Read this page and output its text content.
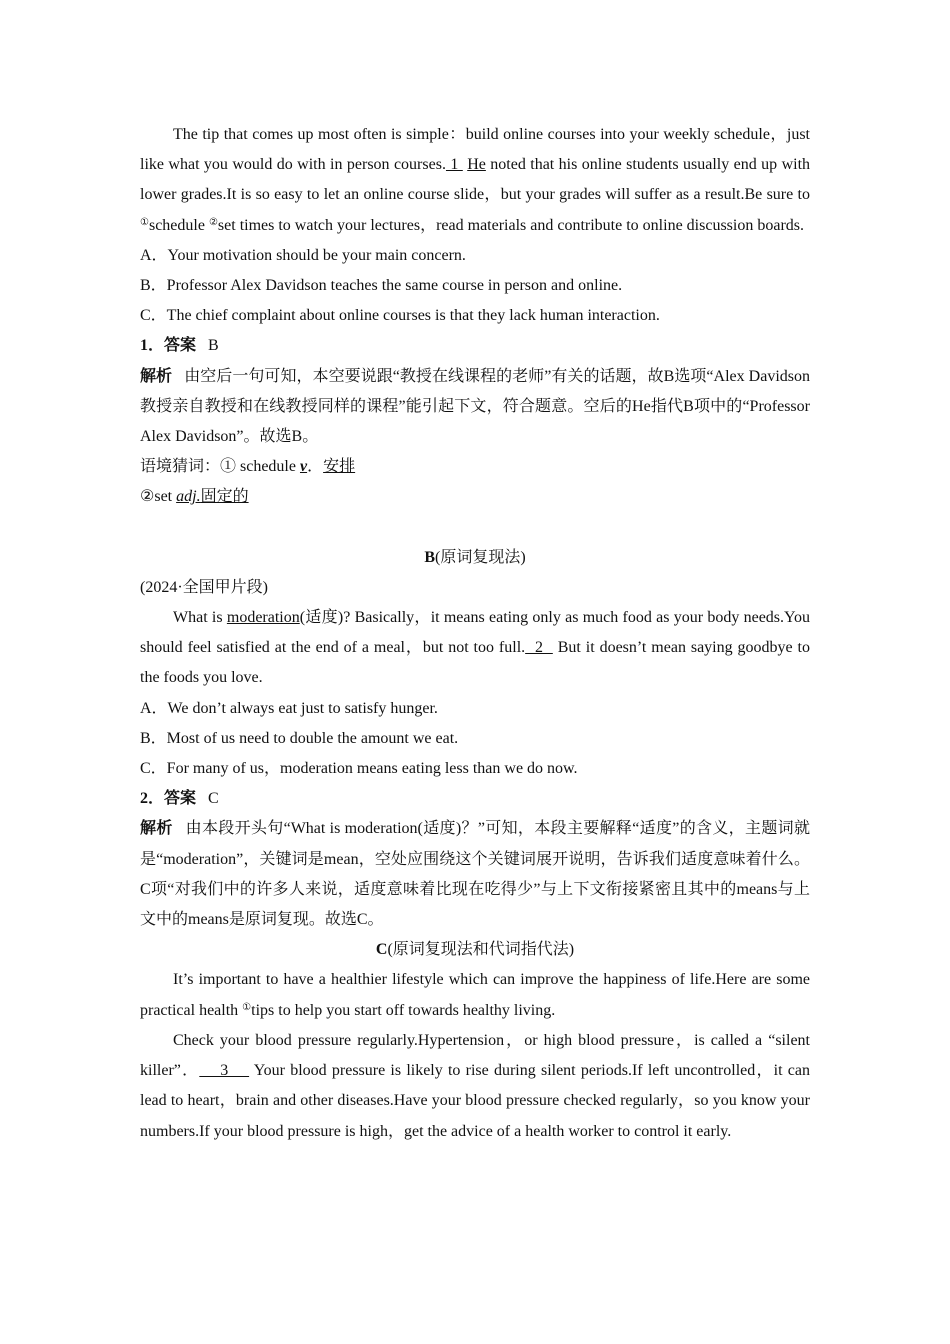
The tip that comes up most often is simple：build online courses into your weekly schedule，just like what you would do with in person courses. 1  He noted that his online students usually end up with lower grades.It is so easy to let an online course slide，but your grades will suffer as a result.Be sure to ①schedule ②set times to watch your lectures，read materials and contribute to online discussion boards.

A．Your motivation should be your main concern.

B．Professor Alex Davidson teaches the same course in person and online.

C．The chief complaint about online courses is that they lack human interaction.

1．答案 B

解析 由空后一句可知，本空要说跟“教授在线课程的老师”有关的话题，故B选项“Alex Davidson教授亲自教授和在线教授同样的课程”能引起下文，符合题意。空后的He指代B项中的“Professor Alex Davidson”。故选B。

语境猜词：① schedule v．安排

②set adj.固定的

B(原词复现法)

(2024·全国甲片段)

What is moderation(适度)? Basically，it means eating only as much food as your body needs.You should feel satisfied at the end of a meal，but not too full.  2   But it doesn’t mean saying goodbye to the foods you love.

A．We don’t always eat just to satisfy hunger.

B．Most of us need to double the amount we eat.

C．For many of us，moderation means eating less than we do now.

2．答案 C

解析 由本段开头句“What is moderation(适度)？”可知，本段主要解释“适度”的含义，主题词就是“moderation”，关键词是mean，空处应围绕这个关键词展开说明，告诉我们适度意味着什么。C项“对我们中的许多人来说，适度意味着比现在吃得少”与上下文衔接紧密且其中的means与上文中的means是原词复现。故选C。

C(原词复现法和代词指代法)

It’s important to have a healthier lifestyle which can improve the happiness of life.Here are some practical health ①tips to help you start off towards healthy living.

Check your blood pressure regularly.Hypertension，or high blood pressure，is called a “silent killer”．    3     Your blood pressure is likely to rise during silent periods.If left uncontrolled，it can lead to heart，brain and other diseases.Have your blood pressure checked regularly，so you know your numbers.If your blood pressure is high，get the advice of a health worker to control it early.
